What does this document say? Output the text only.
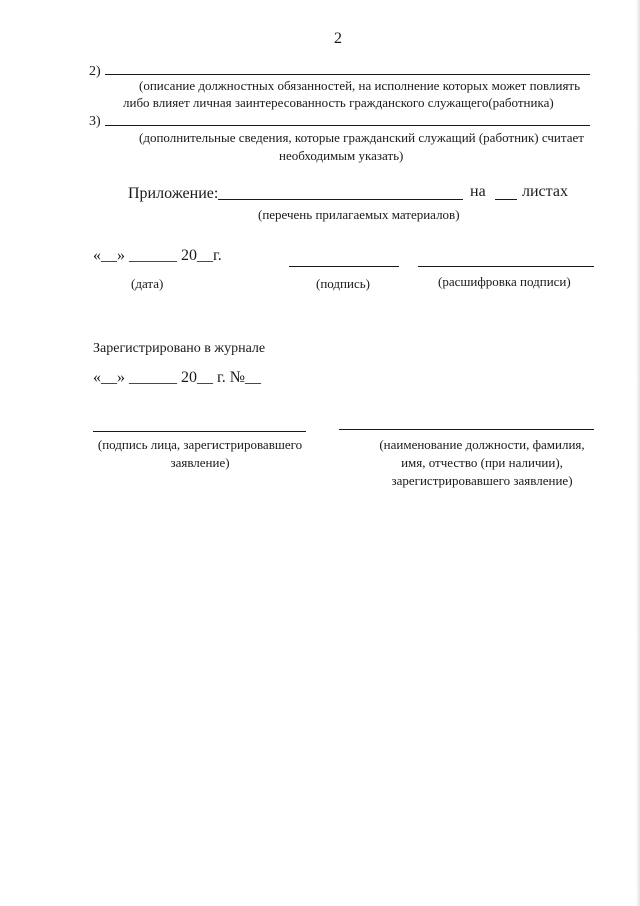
2
2)
(описание должностных обязанностей, на исполнение которых может повлиять
либо влияет личная заинтересованность гражданского служащего(работника)
3)
(дополнительные сведения, которые гражданский служащий (работник) считает
необходимым указать)
Приложение:	на листах
(перечень прилагаемых материалов)
«__» ______ 20__г.
(дата)	(подпись)	(расшифровка подписи)
Зарегистрировано в журнале
«__» ______ 20__ г. №__
(подпись лица, зарегистрировавшего
заявление)
(наименование должности, фамилия,
имя, отчество (при наличии),
зарегистрировавшего заявление)
